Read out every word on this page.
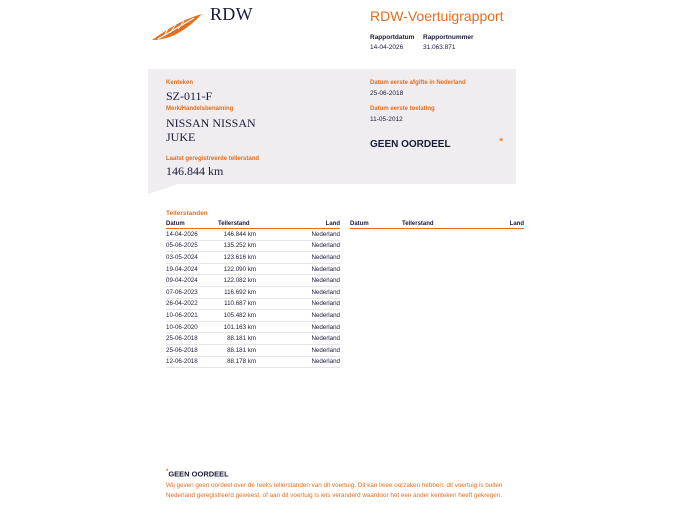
RDW	RDW-Voertuigrapport
Rapportdatum
14-04-2026
Rapportnummer
31.063.871
Kenteken
SZ-011-F
Merk/Handelsbenaming
NISSAN NISSAN
JUKE
Laatst geregistreerde tellerstand
146.844 km
Datum eerste afgifte in Nederland
25-06-2018
Datum eerste toelating
11-05-2012
GEEN OORDEEL	*
Tellerstanden
Datum	Tellerstand	Land
14-04-2026	146.844 km	Nederland
05-06-2025	135.252 km	Nederland
03-05-2024	123.616 km	Nederland
19-04-2024	122.090 km	Nederland
09-04-2024	122.082 km	Nederland
07-06-2023	116.692 km	Nederland
26-04-2022	110.687 km	Nederland
10-06-2021	105.482 km	Nederland
10-06-2020	101.163 km	Nederland
25-06-2018	88.181 km	Nederland
25-06-2018	88.181 km	Nederland
12-06-2018	88.178 km	Nederland
Datum	Tellerstand	Land
*GEEN OORDEEL
Wij geven geen oordeel over de reeks tellerstanden van dit voertuig. Dit kan twee oorzaken hebben: dit voertuig is buiten Nederland geregistreerd geweest, of aan dit voertuig is iets veranderd waardoor het een ander kenteken heeft gekregen.
